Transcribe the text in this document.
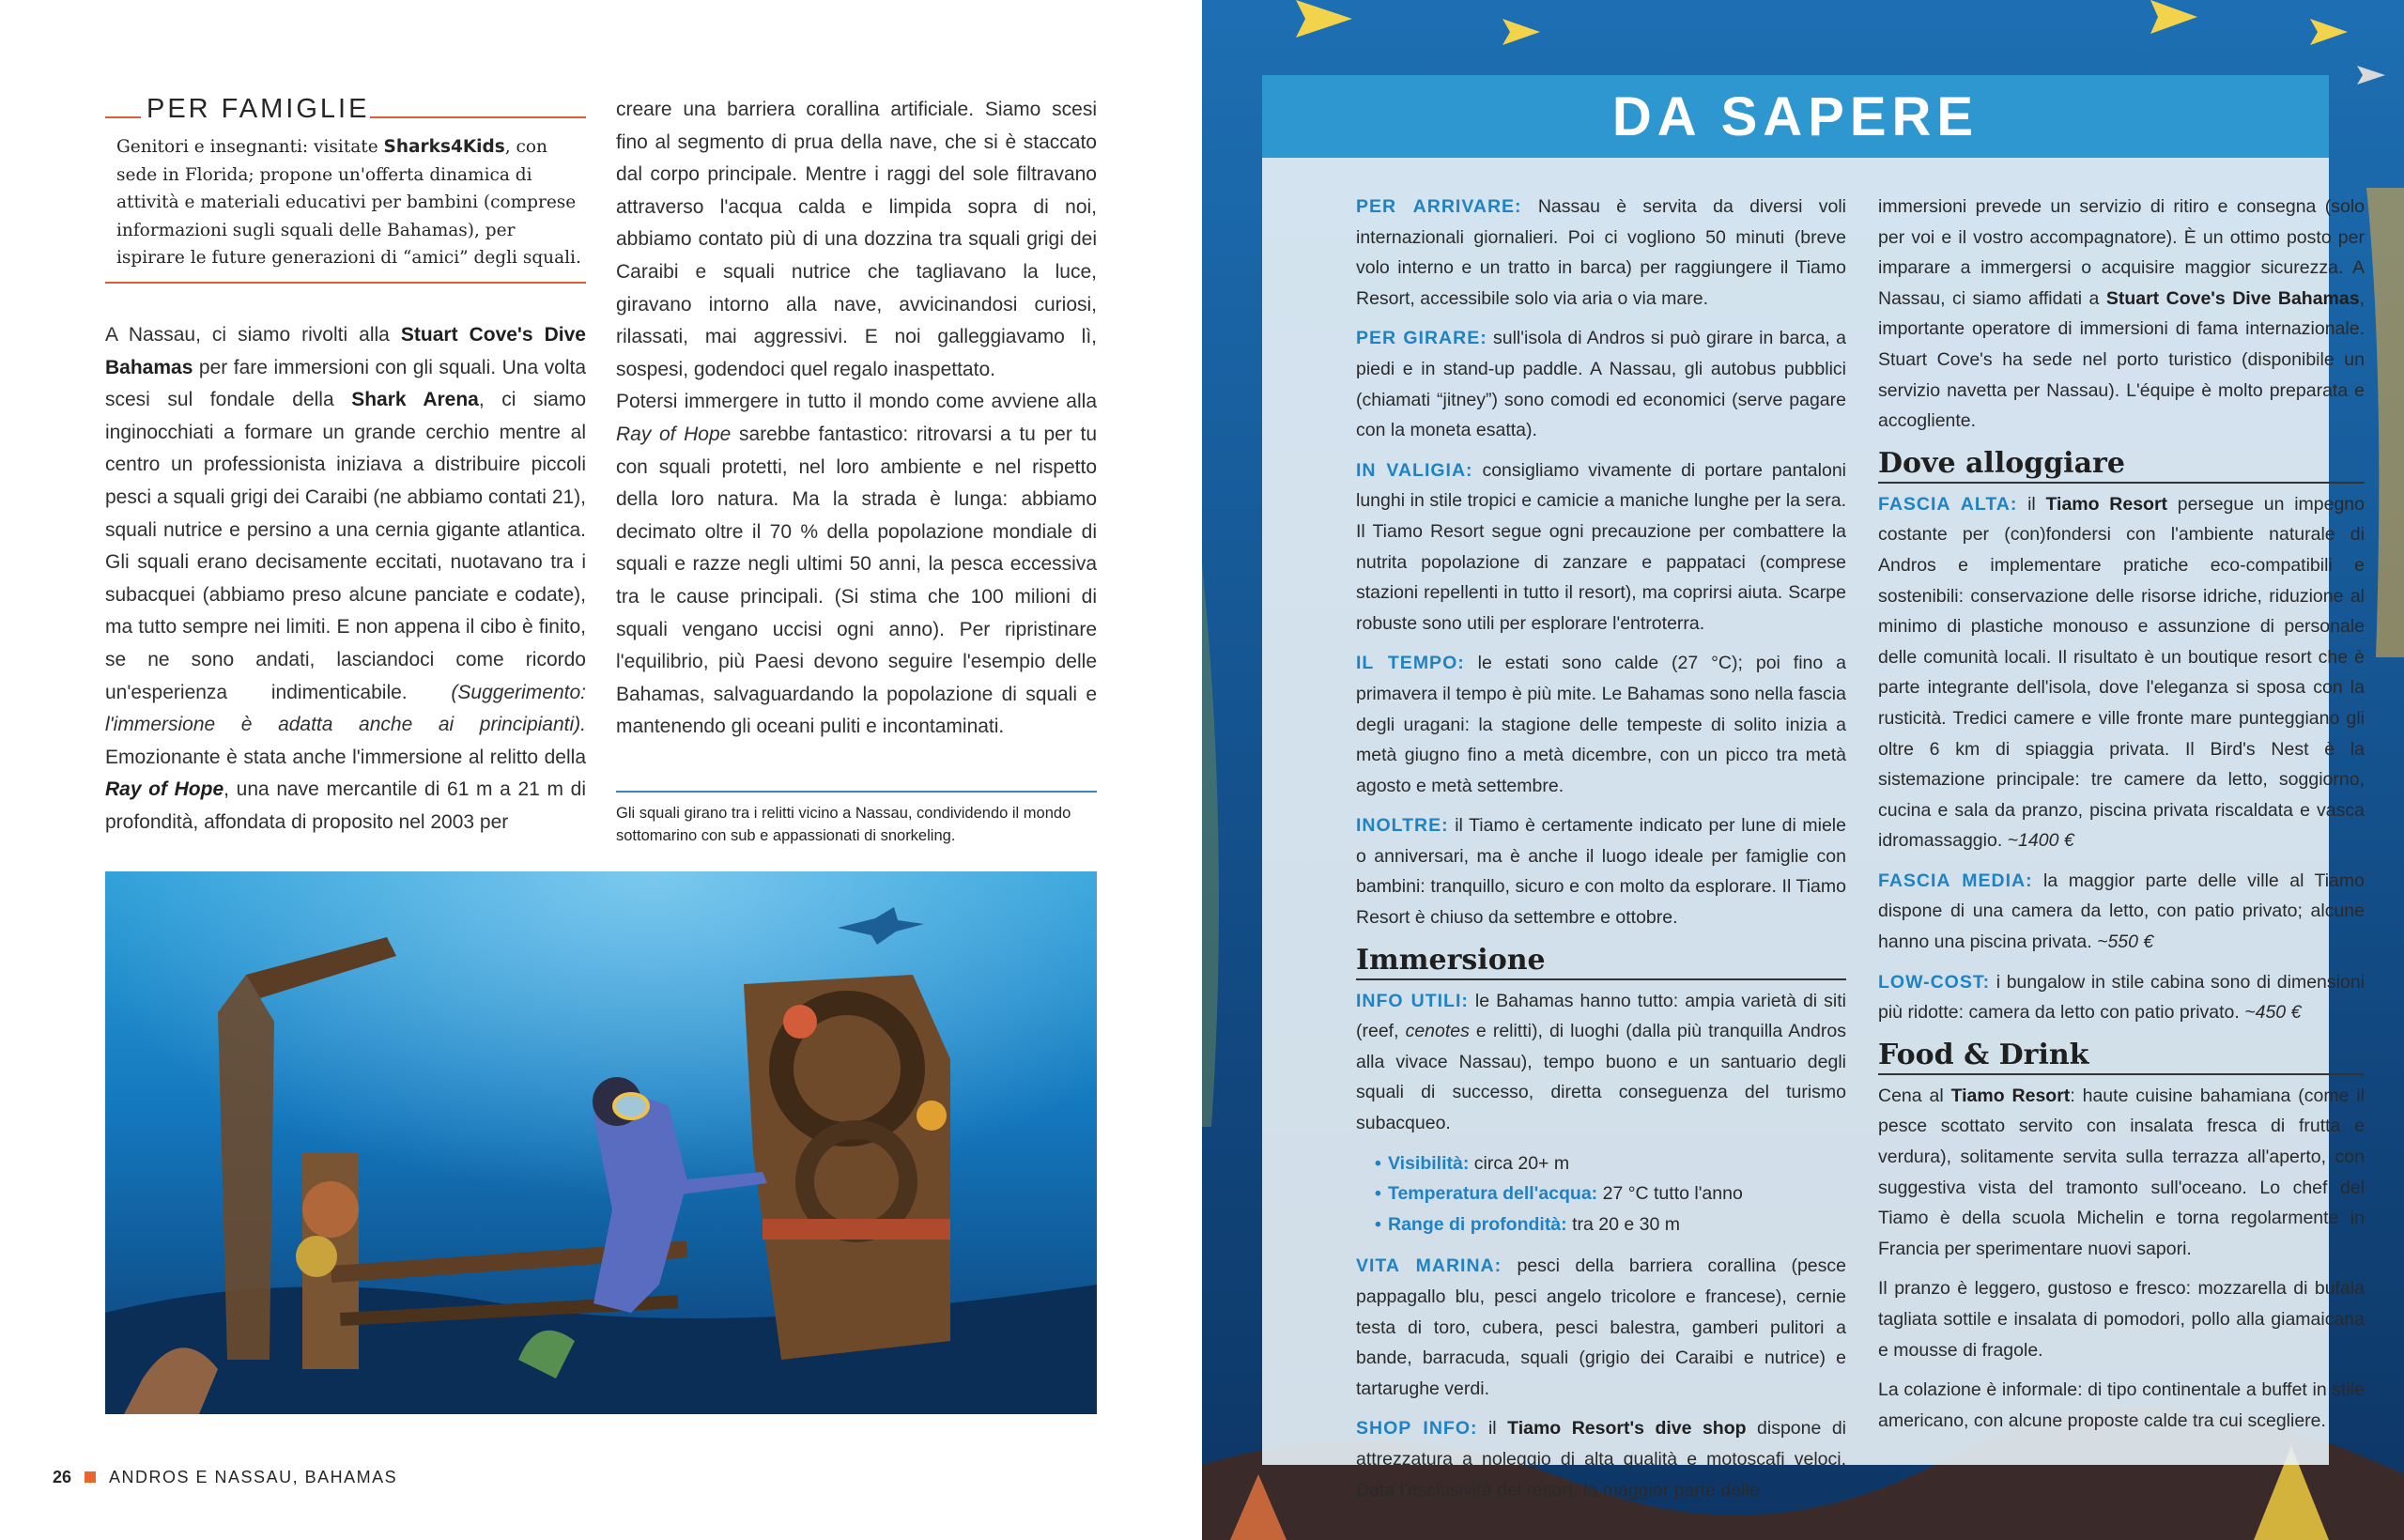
PER FAMIGLIE
Genitori e insegnanti: visitate Sharks4Kids, con sede in Florida; propone un'offerta dinamica di attività e materiali educativi per bambini (comprese informazioni sugli squali delle Bahamas), per ispirare le future generazioni di “amici” degli squali.
A Nassau, ci siamo rivolti alla Stuart Cove's Dive Bahamas per fare immersioni con gli squali. Una volta scesi sul fondale della Shark Arena, ci siamo inginocchiati a formare un grande cerchio mentre al centro un professionista iniziava a distribuire piccoli pesci a squali grigi dei Caraibi (ne abbiamo contati 21), squali nutrice e persino a una cernia gigante atlantica. Gli squali erano decisamente eccitati, nuotavano tra i subacquei (abbiamo preso alcune panciate e codate), ma tutto sempre nei limiti. E non appena il cibo è finito, se ne sono andati, lasciandoci come ricordo un'esperienza indimenticabile. (Suggerimento: l'immersione è adatta anche ai principianti). Emozionante è stata anche l'immersione al relitto della Ray of Hope, una nave mercantile di 61 m a 21 m di profondità, affondata di proposito nel 2003 per

creare una barriera corallina artificiale. Siamo scesi fino al segmento di prua della nave, che si è staccato dal corpo principale. Mentre i raggi del sole filtravano attraverso l'acqua calda e limpida sopra di noi, abbiamo contato più di una dozzina tra squali grigi dei Caraibi e squali nutrice che tagliavano la luce, giravano intorno alla nave, avvicinandosi curiosi, rilassati, mai aggressivi. E noi galleggiavamo lì, sospesi, godendoci quel regalo inaspettato.

Potersi immergere in tutto il mondo come avviene alla Ray of Hope sarebbe fantastico: ritrovarsi a tu per tu con squali protetti, nel loro ambiente e nel rispetto della loro natura. Ma la strada è lunga: abbiamo decimato oltre il 70 % della popolazione mondiale di squali e razze negli ultimi 50 anni, la pesca eccessiva tra le cause principali. (Si stima che 100 milioni di squali vengano uccisi ogni anno). Per ripristinare l'equilibrio, più Paesi devono seguire l'esempio delle Bahamas, salvaguardando la popolazione di squali e mantenendo gli oceani puliti e incontaminati.

Gli squali girano tra i relitti vicino a Nassau, condividendo il mondo sottomarino con sub e appassionati di snorkeling.
26 ANDROS E NASSAU, BAHAMAS
DA SAPERE

PER ARRIVARE: Nassau è servita da diversi voli internazionali giornalieri. Poi ci vogliono 50 minuti (breve volo interno e un tratto in barca) per raggiungere il Tiamo Resort, accessibile solo via aria o via mare.

PER GIRARE: sull'isola di Andros si può girare in barca, a piedi e in stand-up paddle. A Nassau, gli autobus pubblici (chiamati “jitney”) sono comodi ed economici (serve pagare con la moneta esatta).

IN VALIGIA: consigliamo vivamente di portare pantaloni lunghi in stile tropici e camicie a maniche lunghe per la sera. Il Tiamo Resort segue ogni precauzione per combattere la nutrita popolazione di zanzare e pappataci (comprese stazioni repellenti in tutto il resort), ma coprirsi aiuta. Scarpe robuste sono utili per esplorare l'entroterra.

IL TEMPO: le estati sono calde (27 °C); poi fino a primavera il tempo è più mite. Le Bahamas sono nella fascia degli uragani: la stagione delle tempeste di solito inizia a metà giugno fino a metà dicembre, con un picco tra metà agosto e metà settembre.

INOLTRE: il Tiamo è certamente indicato per lune di miele o anniversari, ma è anche il luogo ideale per famiglie con bambini: tranquillo, sicuro e con molto da esplorare. Il Tiamo Resort è chiuso da settembre e ottobre.

Immersione

INFO UTILI: le Bahamas hanno tutto: ampia varietà di siti (reef, cenotes e relitti), di luoghi (dalla più tranquilla Andros alla vivace Nassau), tempo buono e un santuario degli squali di successo, diretta conseguenza del turismo subacqueo.

• Visibilità: circa 20+ m
• Temperatura dell'acqua: 27 °C tutto l'anno
• Range di profondità: tra 20 e 30 m

VITA MARINA: pesci della barriera corallina (pesce pappagallo blu, pesci angelo tricolore e francese), cernie testa di toro, cubera, pesci balestra, gamberi pulitori a bande, barracuda, squali (grigio dei Caraibi e nutrice) e tartarughe verdi.

SHOP INFO: il Tiamo Resort's dive shop dispone di attrezzatura a noleggio di alta qualità e motoscafi veloci. Data l'esclusività del resort, la maggior parte delle

immersioni prevede un servizio di ritiro e consegna (solo per voi e il vostro accompagnatore). È un ottimo posto per imparare a immergersi o acquisire maggior sicurezza. A Nassau, ci siamo affidati a Stuart Cove's Dive Bahamas, importante operatore di immersioni di fama internazionale. Stuart Cove's ha sede nel porto turistico (disponibile un servizio navetta per Nassau). L'équipe è molto preparata e accogliente.

Dove alloggiare

FASCIA ALTA: il Tiamo Resort persegue un impegno costante per (con)fondersi con l'ambiente naturale di Andros e implementare pratiche eco-compatibili e sostenibili: conservazione delle risorse idriche, riduzione al minimo di plastiche monouso e assunzione di personale delle comunità locali. Il risultato è un boutique resort che è parte integrante dell'isola, dove l'eleganza si sposa con la rusticità. Tredici camere e ville fronte mare punteggiano gli oltre 6 km di spiaggia privata. Il Bird's Nest è la sistemazione principale: tre camere da letto, soggiorno, cucina e sala da pranzo, piscina privata riscaldata e vasca idromassaggio. ~1400 €

FASCIA MEDIA: la maggior parte delle ville al Tiamo dispone di una camera da letto, con patio privato; alcune hanno una piscina privata. ~550 €

LOW-COST: i bungalow in stile cabina sono di dimensioni più ridotte: camera da letto con patio privato. ~450 €

Food & Drink

Cena al Tiamo Resort: haute cuisine bahamiana (come il pesce scottato servito con insalata fresca di frutta e verdura), solitamente servita sulla terrazza all'aperto, con suggestiva vista del tramonto sull'oceano. Lo chef del Tiamo è della scuola Michelin e torna regolarmente in Francia per sperimentare nuovi sapori.

Il pranzo è leggero, gustoso e fresco: mozzarella di bufala tagliata sottile e insalata di pomodori, pollo alla giamaicana e mousse di fragole.

La colazione è informale: di tipo continentale a buffet in stile americano, con alcune proposte calde tra cui scegliere.
